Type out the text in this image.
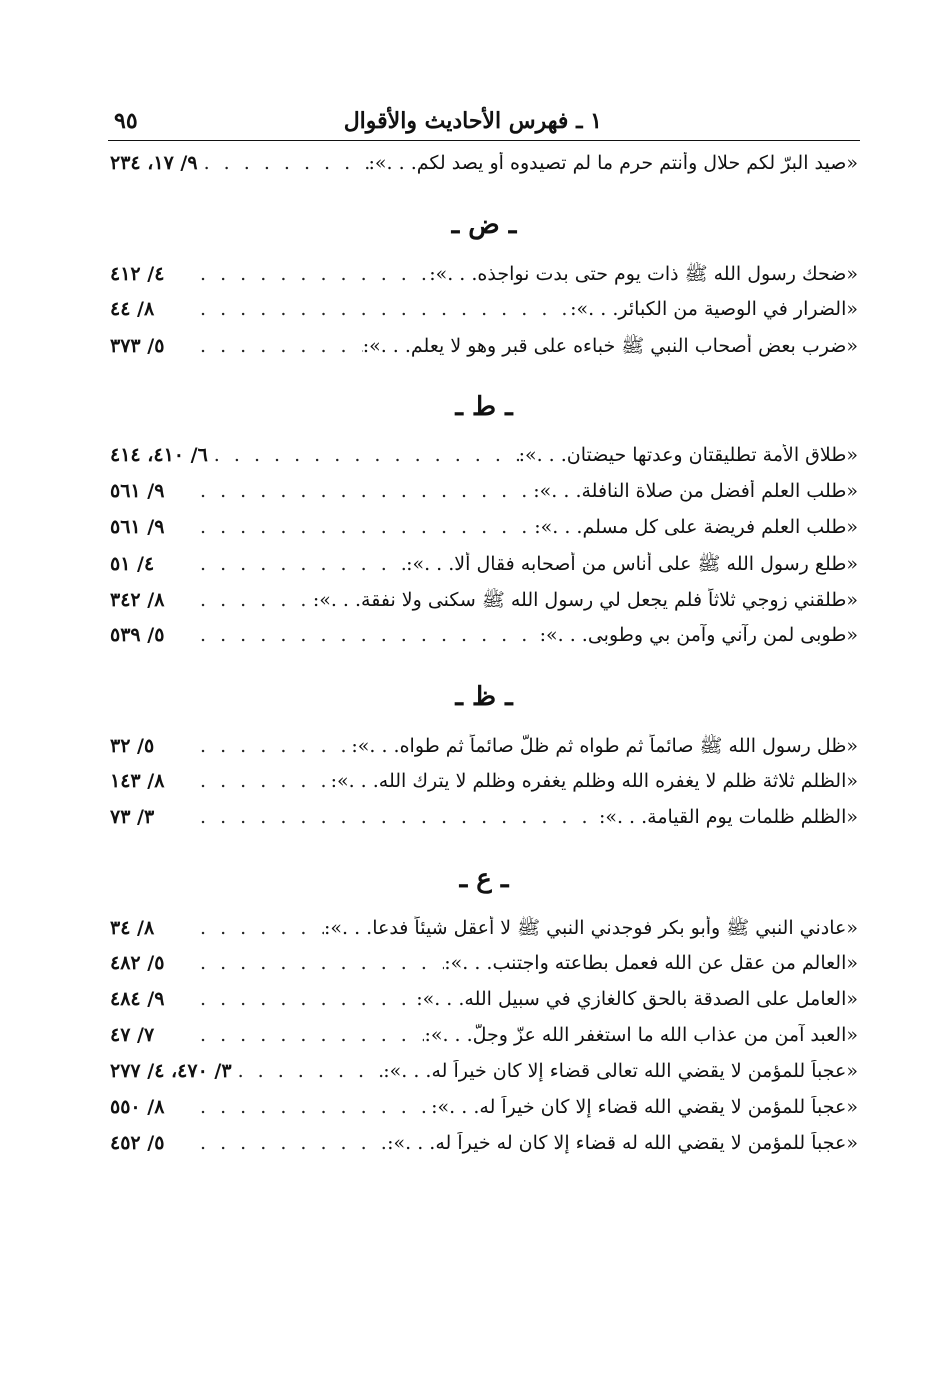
١ ـ فهرس الأحاديث والأقوال
٩٥
«صيد البرّ لكم حلال وأنتم حرم ما لم تصيدوه أو يصد لكم. . .»:
. . .
٩/ ١٧، ٢٣٤
ـ ض ـ
«ضحك رسول الله ﷺ ذات يوم حتى بدت نواجذه. . .»:
. . .
٤/ ٤١٢
«الضرار في الوصية من الكبائر. . .»:
. . .
٨/ ٤٤
«ضرب بعض أصحاب النبي ﷺ خباءه على قبر وهو لا يعلم. . .»:
. . .
٥/ ٣٧٣
ـ ط ـ
«طلاق الأمة تطليقتان وعدتها حيضتان. . .»:
. . .
٦/ ٤١٠، ٤١٤
«طلب العلم أفضل من صلاة النافلة. . .»:
. . .
٩/ ٥٦١
«طلب العلم فريضة على كل مسلم. . .»:
. . .
٩/ ٥٦١
«طلع رسول الله ﷺ على أناس من أصحابه فقال ألا. . .»:
. . .
٤/ ٥١
«طلقني زوجي ثلاثاً فلم يجعل لي رسول الله ﷺ سكنى ولا نفقة. . .»:
. . .
٨/ ٣٤٢
«طوبى لمن رآني وآمن بي وطوبى. . .»:
. . .
٥/ ٥٣٩
ـ ظ ـ
«ظل رسول الله ﷺ صائماً ثم طواه ثم ظلّ صائماً ثم طواه. . .»:
. . .
٥/ ٣٢
«الظلم ثلاثة ظلم لا يغفره الله وظلم يغفره وظلم لا يترك الله. . .»:
. . .
٨/ ١٤٣
«الظلم ظلمات يوم القيامة. . .»:
. . .
٣/ ٧٣
ـ ع ـ
«عادني النبي ﷺ وأبو بكر فوجدني النبي ﷺ لا أعقل شيئاً فدعا. . .»:
. . .
٨/ ٣٤
«العالم من عقل عن الله فعمل بطاعته واجتنب. . .»:
. . .
٥/ ٤٨٢
«العامل على الصدقة بالحق كالغازي في سبيل الله. . .»:
. . .
٩/ ٤٨٤
«العبد آمن من عذاب الله ما استغفر الله عزّ وجلّ. . .»:
. . .
٧/ ٤٧
«عجباً للمؤمن لا يقضي الله تعالى قضاء إلا كان خيراً له. . .»:
. . .
٣/ ٤٧٠، ٤/ ٢٧٧
«عجباً للمؤمن لا يقضي الله قضاء إلا كان خيراً له. . .»:
. . .
٨/ ٥٥٠
«عجباً للمؤمن لا يقضي الله له قضاء إلا كان له خيراً له. . .»:
. . .
٥/ ٤٥٢
